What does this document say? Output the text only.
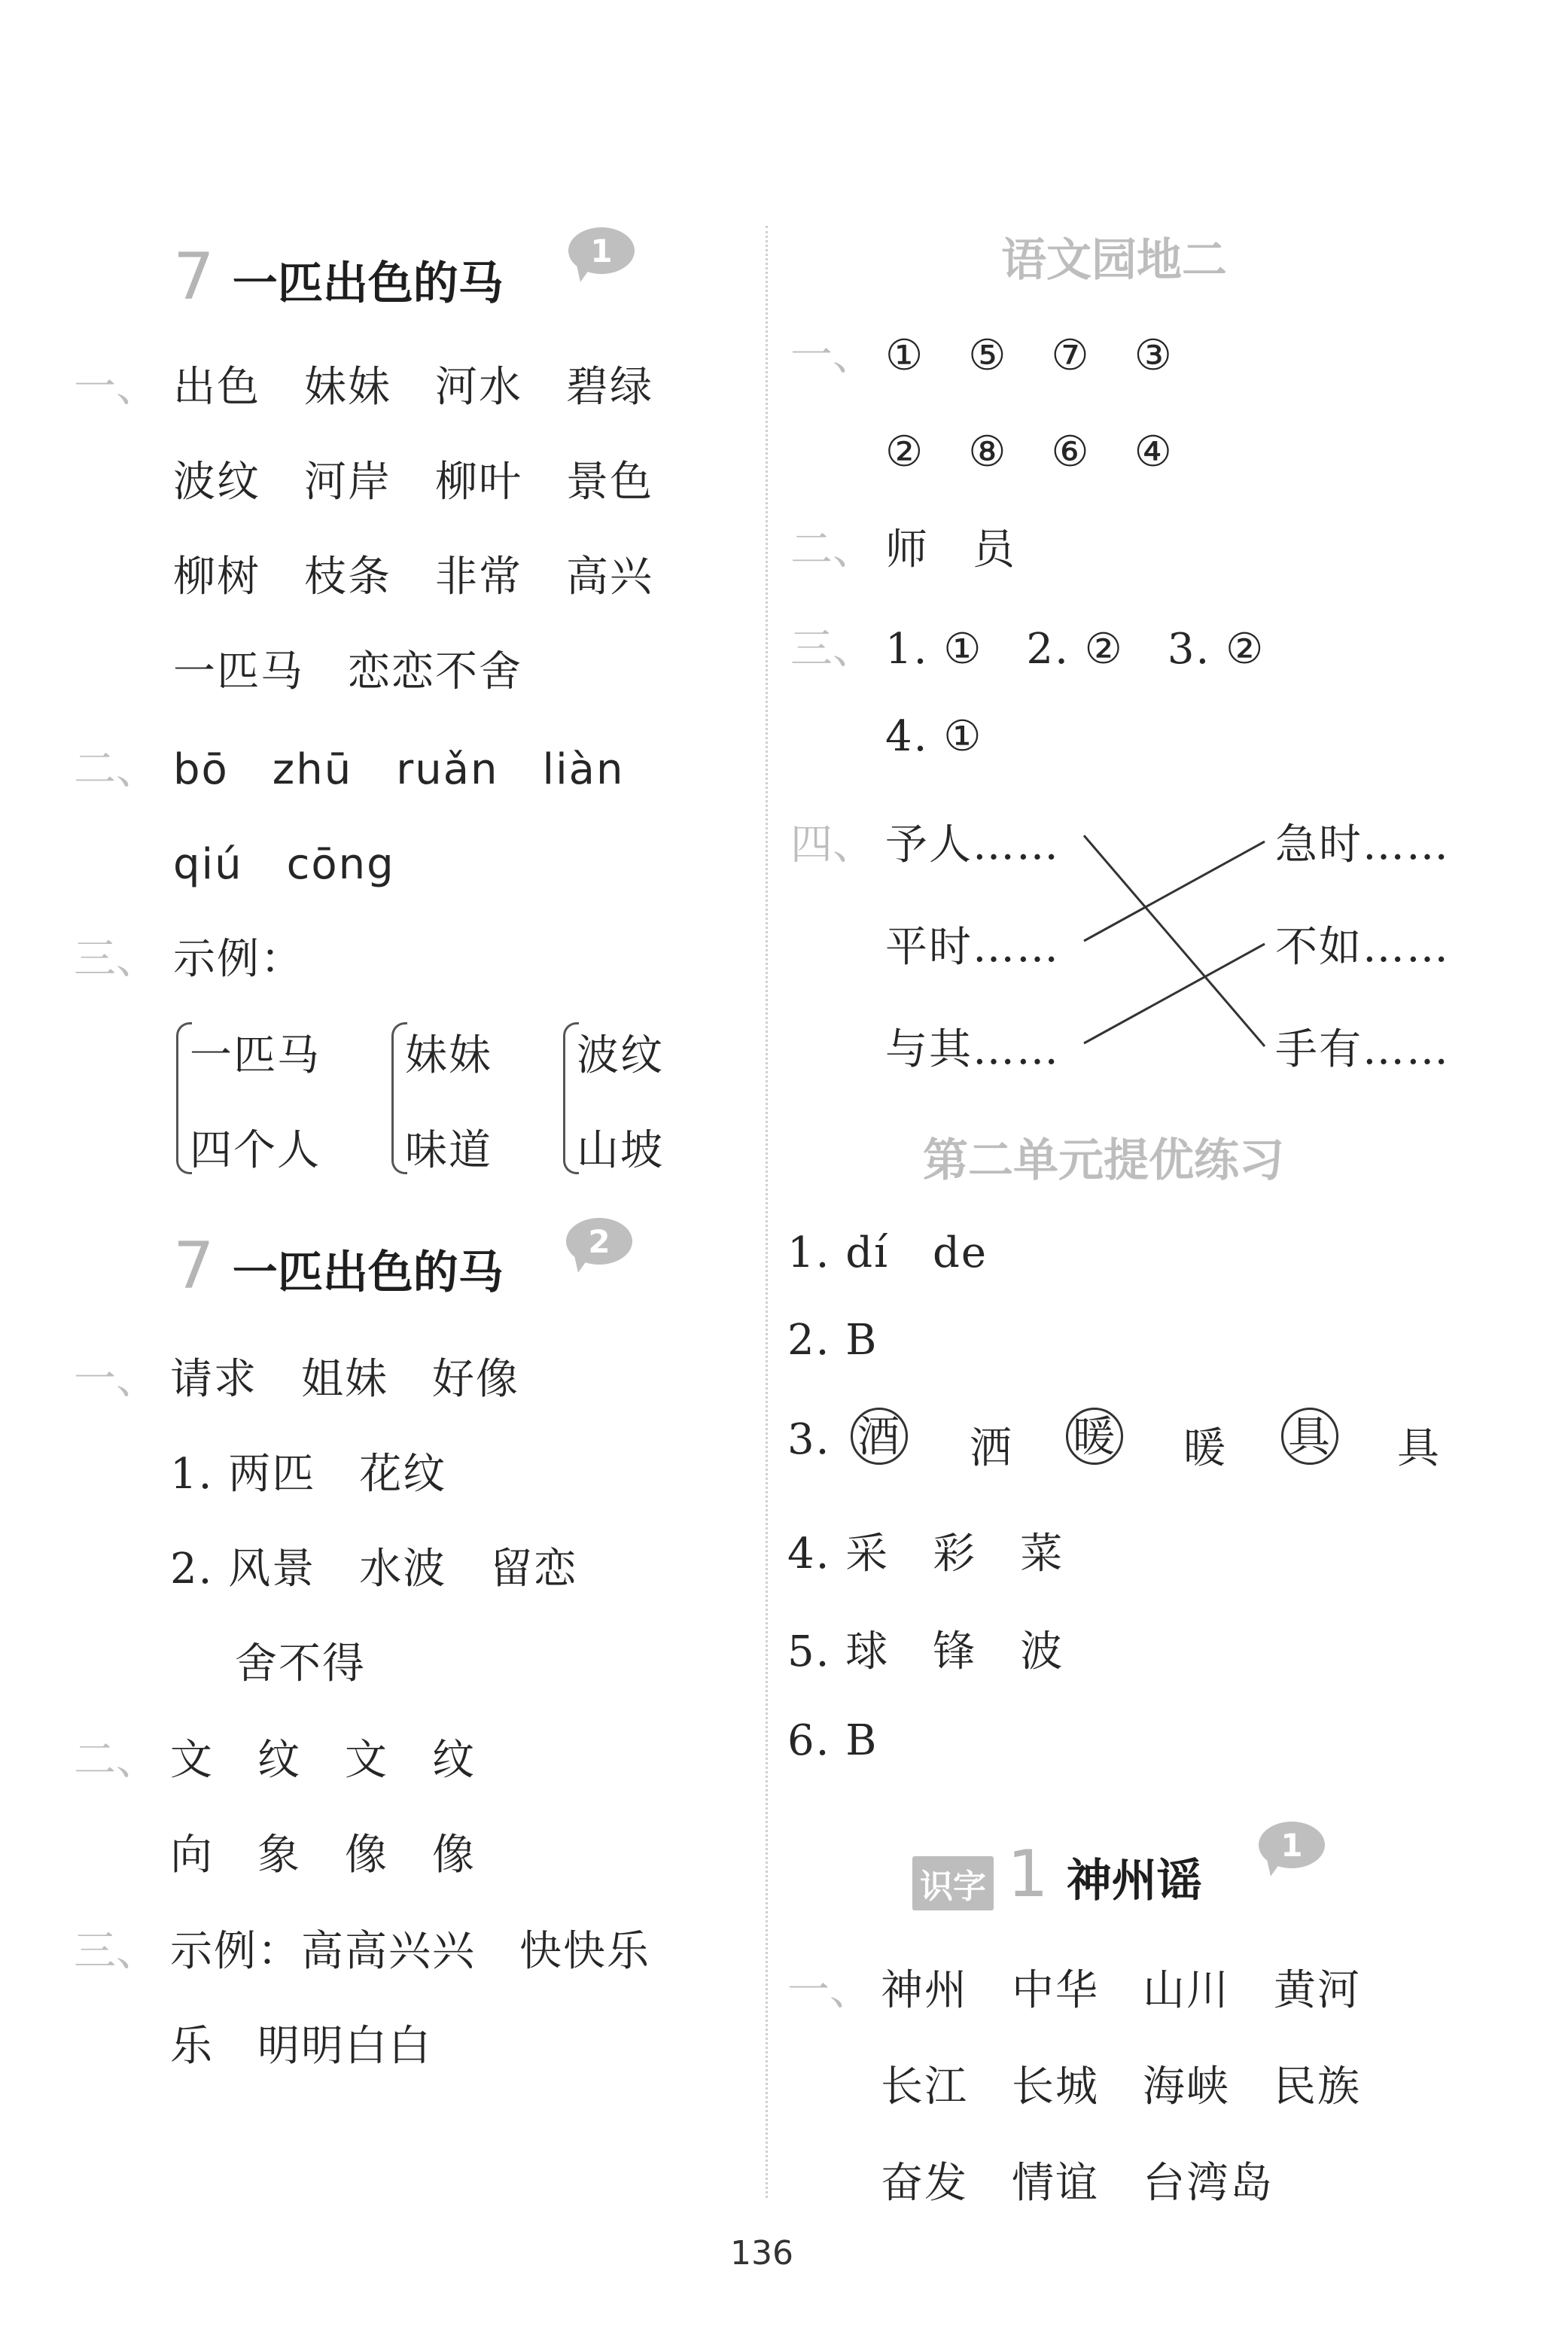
7 一匹出色的马
1
一、 出色　妹妹　河水　碧绿
波纹　河岸　柳叶　景色
柳树　枝条　非常　高兴
一匹马　恋恋不舍
二、 bō　zhū　ruǎn　liàn
qiú　cōng
三、 示例：
一匹马
四个人
妹妹
味道
波纹
山坡
7 一匹出色的马
2
一、 请求　姐妹　好像
1. 两匹　花纹
2. 风景　水波　留恋
舍不得
二、 文　纹　文　纹
向　象　像　像
三、 示例：高高兴兴　快快乐
乐　明明白白
语文园地二
一、 ①　⑤　⑦　③
②　⑧　⑥　④
二、 师　员
三、 1. ①　2. ②　3. ②
4. ①
四、 予人……
平时……
与其……
急时……
不如……
手有……
第二单元提优练习
1. dí　de
2. B
3. 酒 洒 暖 暖 具 具
4. 采　彩　菜
5. 球　锋　波
6. B
识字 1 神州谣
1
一、 神州　中华　山川　黄河
长江　长城　海峡　民族
奋发　情谊　台湾岛
136
